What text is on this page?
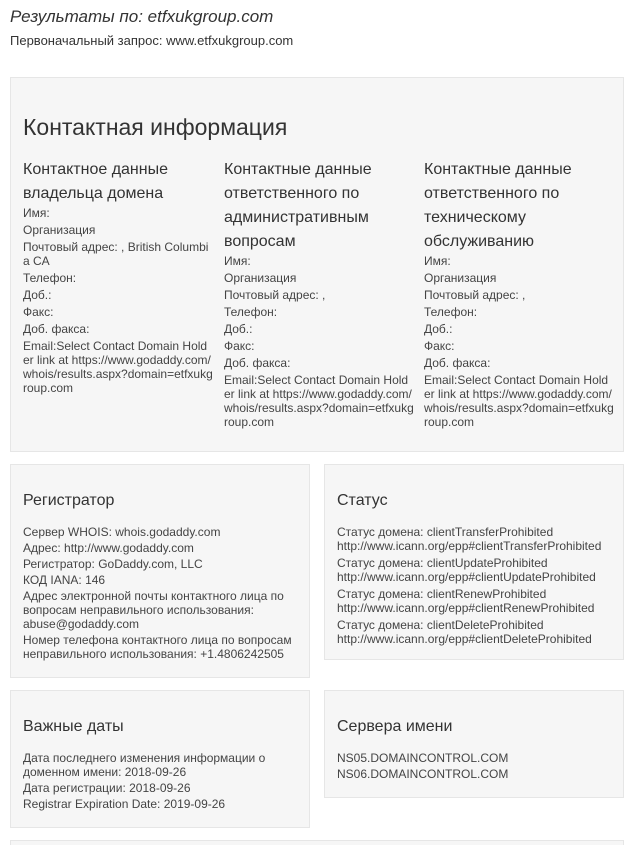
Результаты по: etfxukgroup.com
Первоначальный запрос: www.etfxukgroup.com
Контактная информация
Контактное данные владельца домена
Имя:
Организация
Почтовый адрес: , British Columbia CA
Телефон:
Доб.:
Факс:
Доб. факса:
Email:Select Contact Domain Holder link at https://www.godaddy.com/whois/results.aspx?domain=etfxukgroup.com
Контактные данные ответственного по административным вопросам
Имя:
Организация
Почтовый адрес: ,
Телефон:
Доб.:
Факс:
Доб. факса:
Email:Select Contact Domain Holder link at https://www.godaddy.com/whois/results.aspx?domain=etfxukgroup.com
Контактные данные ответственного по техническому обслуживанию
Имя:
Организация
Почтовый адрес: ,
Телефон:
Доб.:
Факс:
Доб. факса:
Email:Select Contact Domain Holder link at https://www.godaddy.com/whois/results.aspx?domain=etfxukgroup.com
Регистратор
Сервер WHOIS: whois.godaddy.com
Адрес: http://www.godaddy.com
Регистратор: GoDaddy.com, LLC
КОД IANA: 146
Адрес электронной почты контактного лица по вопросам неправильного использования: abuse@godaddy.com
Номер телефона контактного лица по вопросам неправильного использования: +1.4806242505
Статус
Статус домена: clientTransferProhibited
http://www.icann.org/epp#clientTransferProhibited
Статус домена: clientUpdateProhibited
http://www.icann.org/epp#clientUpdateProhibited
Статус домена: clientRenewProhibited
http://www.icann.org/epp#clientRenewProhibited
Статус домена: clientDeleteProhibited
http://www.icann.org/epp#clientDeleteProhibited
Важные даты
Дата последнего изменения информации о доменном имени: 2018-09-26
Дата регистрации: 2018-09-26
Registrar Expiration Date: 2019-09-26
Сервера имени
NS05.DOMAINCONTROL.COM
NS06.DOMAINCONTROL.COM
